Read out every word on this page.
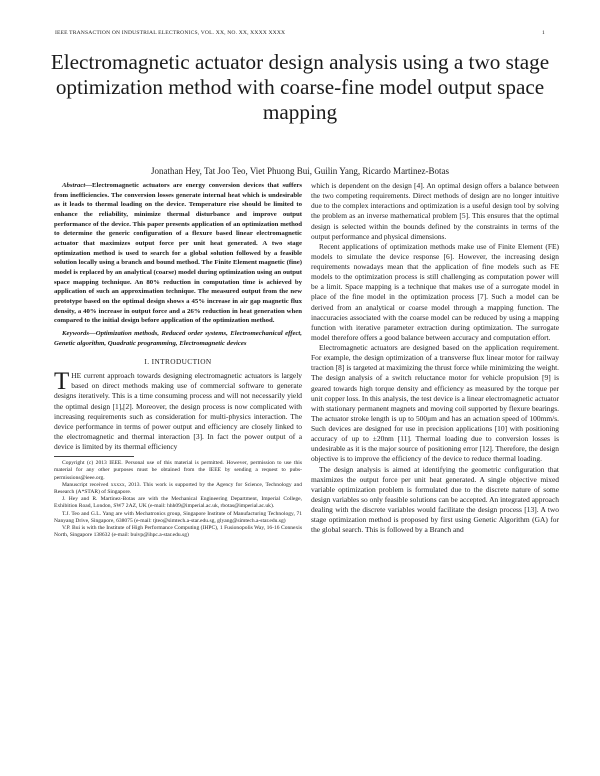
IEEE TRANSACTION ON INDUSTRIAL ELECTRONICS, VOL. XX, NO. XX, XXXX XXXX	1
Electromagnetic actuator design analysis using a two stage optimization method with coarse-fine model output space mapping
Jonathan Hey, Tat Joo Teo, Viet Phuong Bui, Guilin Yang, Ricardo Martinez-Botas

Abstract—Electromagnetic actuators are energy conversion devices that suffers from inefficiencies. The conversion losses generate internal heat which is undesirable as it leads to thermal loading on the device. Temperature rise should be limited to enhance the reliability, minimize thermal disturbance and improve output performance of the device. This paper presents application of an optimization method to determine the generic configuration of a flexure based linear electromagnetic actuator that maximizes output force per unit heat generated. A two stage optimization method is used to search for a global solution followed by a feasible solution locally using a branch and bound method. The Finite Element magnetic (fine) model is replaced by an analytical (coarse) model during optimization using an output space mapping technique. An 80% reduction in computation time is achieved by application of such an approximation technique. The measured output from the new prototype based on the optimal design shows a 45% increase in air gap magnetic flux density, a 40% increase in output force and a 26% reduction in heat generation when compared to the initial design before application of the optimization method.

Keywords—Optimization methods, Reduced order systems, Electromechanical effect, Genetic algorithm, Quadratic programming, Electromagnetic devices

I. INTRODUCTION

THE current approach towards designing electromagnetic actuators is largely based on direct methods making use of commercial software to generate designs iteratively. This is a time consuming process and will not necessarily yield the optimal design [1],[2]. Moreover, the design process is now complicated with increasing requirements such as consideration for multi-physics interaction. The device performance in terms of power output and efficiency are closely linked to the electromagnetic and thermal interaction [3]. In fact the power output of a device is limited by its thermal efficiency

Copyright (c) 2013 IEEE. Personal use of this material is permitted. However, permission to use this material for any other purposes must be obtained from the IEEE by sending a request to pubs-permissions@ieee.org.

Manuscript received xxxxx, 2013. This work is supported by the Agency for Science, Technology and Research (A*STAR) of Singapore.

J. Hey and R. Martinez-Botas are with the Mechanical Engineering Department, Imperial College, Exhibition Road, London, SW7 2AZ, UK (e-mail: hhh09@imperial.ac.uk, rbotas@imperial.ac.uk).

T.J. Teo and G.L. Yang are with Mechatronics group, Singapore Institute of Manufacturing Technology, 71 Nanyang Drive, Singapore, 638075 (e-mail: tjteo@simtech.a-star.edu.sg, glyang@simtech.a-star.edu.sg)

V.P. Bui is with the Institute of High Performance Computing (IHPC), 1 Fusionopolis Way, 16-16 Connexis North, Singapore 138632 (e-mail: buivp@ihpc.a-star.edu.sg)

which is dependent on the design [4]. An optimal design offers a balance between the two competing requirements. Direct methods of design are no longer intuitive due to the complex interactions and optimization is a useful design tool by solving the problem as an inverse mathematical problem [5]. This ensures that the optimal design is selected within the bounds defined by the constraints in terms of the output performance and physical dimensions.

Recent applications of optimization methods make use of Finite Element (FE) models to simulate the device response [6]. However, the increasing design requirements nowadays mean that the application of fine models such as FE models to the optimization process is still challenging as computation power will be a limit. Space mapping is a technique that makes use of a surrogate model in place of the fine model in the optimization process [7]. Such a model can be derived from an analytical or coarse model through a mapping function. The inaccuracies associated with the coarse model can be reduced by using a mapping function with iterative parameter extraction during optimization. The surrogate model therefore offers a good balance between accuracy and computation effort.

Electromagnetic actuators are designed based on the application requirement. For example, the design optimization of a transverse flux linear motor for railway traction [8] is targeted at maximizing the thrust force while minimizing the weight. The design analysis of a switch reluctance motor for vehicle propulsion [9] is geared towards high torque density and efficiency as measured by the torque per unit copper loss. In this analysis, the test device is a linear electromagnetic actuator with stationary permanent magnets and moving coil supported by flexure bearings. The actuator stroke length is up to 500μm and has an actuation speed of 100mm/s. Such devices are designed for use in precision applications [10] with positioning accuracy of up to ±20nm [11]. Thermal loading due to conversion losses is undesirable as it is the major source of positioning error [12]. Therefore, the design objective is to improve the efficiency of the device to reduce thermal loading.

The design analysis is aimed at identifying the geometric configuration that maximizes the output force per unit heat generated. A single objective mixed variable optimization problem is formulated due to the discrete nature of some design variables so only feasible solutions can be accepted. An integrated approach dealing with the discrete variables would facilitate the design process [13]. A two stage optimization method is proposed by first using Genetic Algorithm (GA) for the global search. This is followed by a Branch and
